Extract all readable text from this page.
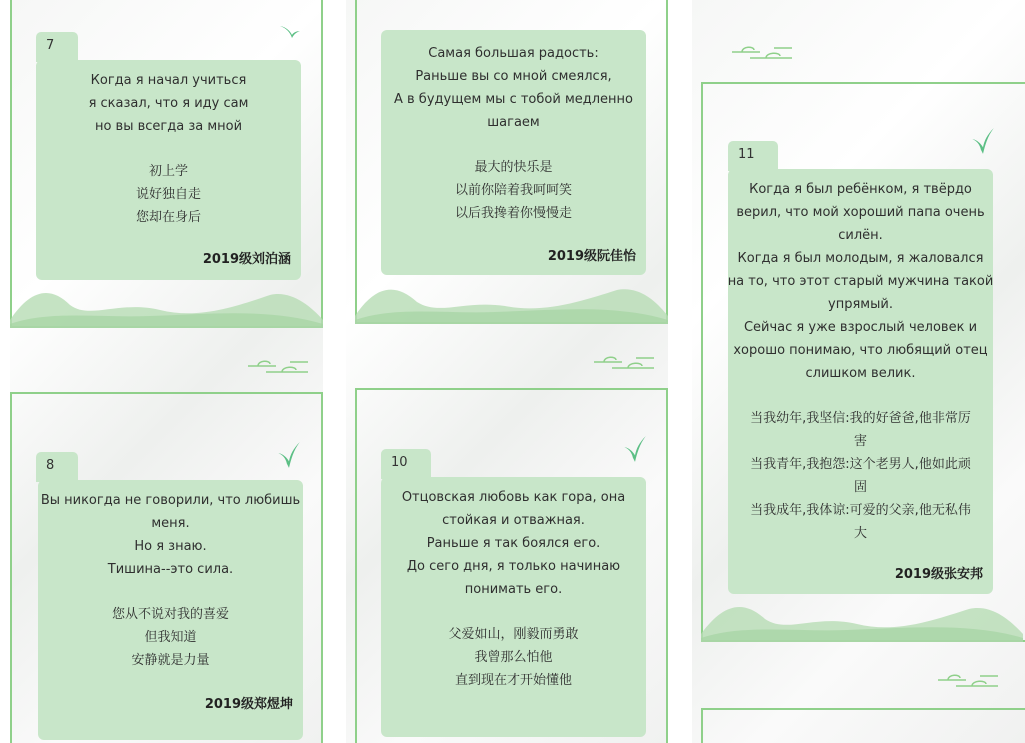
7

Когда я начал учиться

я сказал, что я иду сам

но вы всегда за мной

初上学

说好独自走

您却在身后

2019级刘泊涵
8

Вы никогда не говорили, что любишь

меня.

Но я знаю.

Тишина--это сила.

您从不说对我的喜爱

但我知道

安静就是力量

2019级郑煜坤

Самая большая радость:

Раньше вы со мной смеялся,

А в будущем мы с тобой медленно

шагаем

最大的快乐是

以前你陪着我呵呵笑

以后我搀着你慢慢走

2019级阮佳怡
10

Отцовская любовь как гора, она

стойкая и отважная.

Раньше я так боялся его.

До сего дня, я только начинаю

понимать его.

父爱如山，刚毅而勇敢

我曾那么怕他

直到现在才开始懂他

11

Когда я был ребёнком, я твёрдо

верил, что мой хороший папа очень

силён.

Когда я был молодым, я жаловался

на то, что этот старый мужчина такой

упрямый.

Сейчас я уже взрослый человек и

хорошо понимаю, что любящий отец

слишком велик.

当我幼年,我坚信:我的好爸爸,他非常厉

害

当我青年,我抱怨:这个老男人,他如此顽

固

当我成年,我体谅:可爱的父亲,他无私伟

大

2019级张安邦
